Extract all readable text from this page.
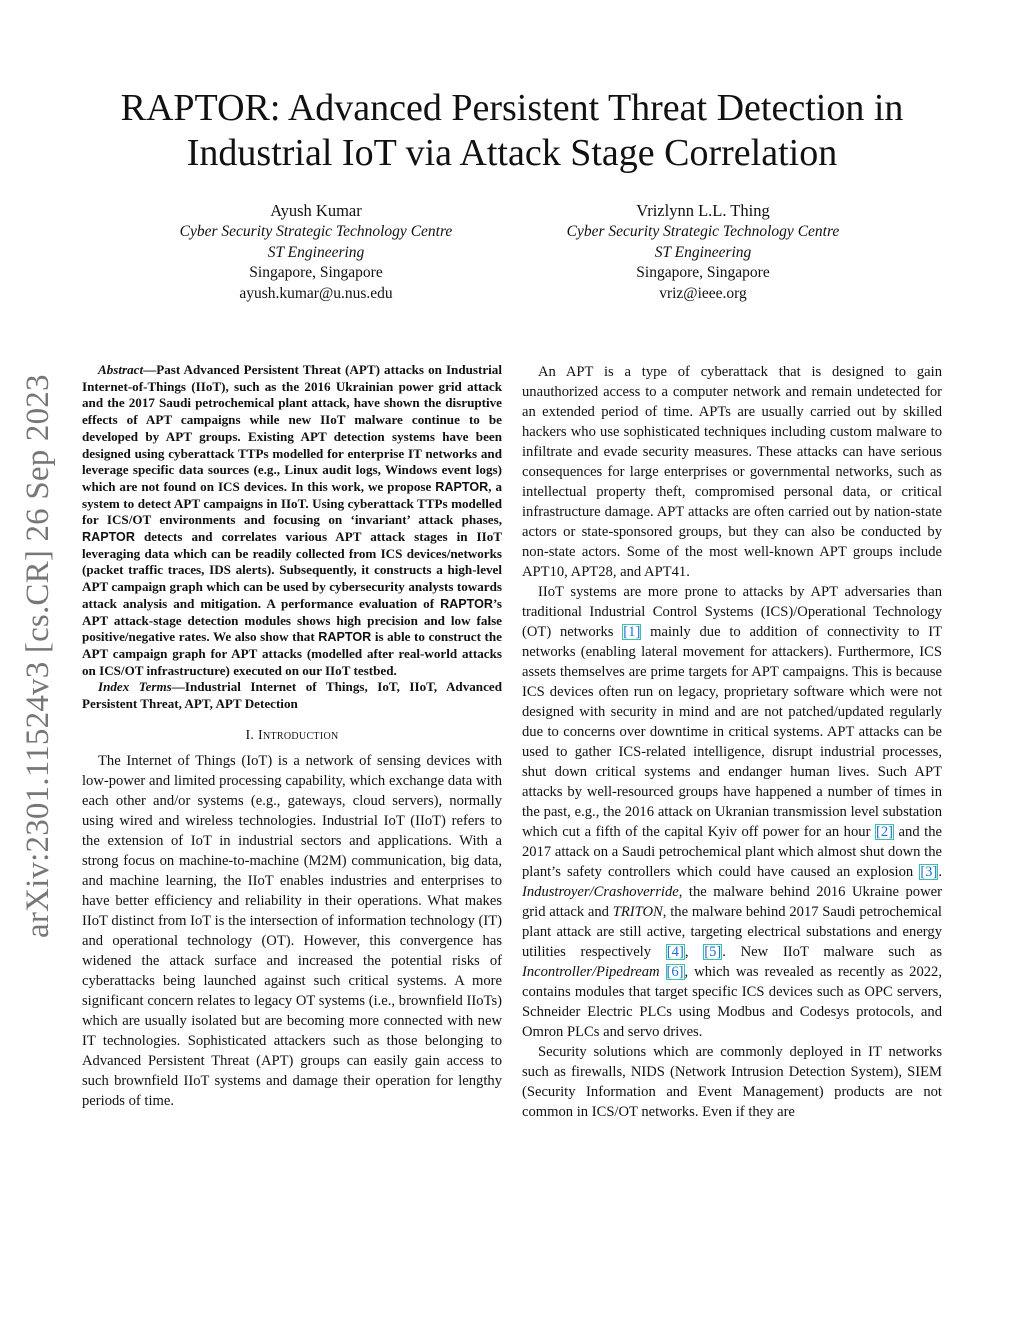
arXiv:2301.11524v3 [cs.CR] 26 Sep 2023
RAPTOR: Advanced Persistent Threat Detection in Industrial IoT via Attack Stage Correlation
Ayush Kumar
Cyber Security Strategic Technology Centre
ST Engineering
Singapore, Singapore
ayush.kumar@u.nus.edu
Vrizlynn L.L. Thing
Cyber Security Strategic Technology Centre
ST Engineering
Singapore, Singapore
vriz@ieee.org

Abstract—Past Advanced Persistent Threat (APT) attacks on Industrial Internet-of-Things (IIoT), such as the 2016 Ukrainian power grid attack and the 2017 Saudi petrochemical plant attack, have shown the disruptive effects of APT campaigns while new IIoT malware continue to be developed by APT groups. Existing APT detection systems have been designed using cyberattack TTPs modelled for enterprise IT networks and leverage specific data sources (e.g., Linux audit logs, Windows event logs) which are not found on ICS devices. In this work, we propose RAPTOR, a system to detect APT campaigns in IIoT. Using cyberattack TTPs modelled for ICS/OT environments and focusing on ‘invariant’ attack phases, RAPTOR detects and correlates various APT attack stages in IIoT leveraging data which can be readily collected from ICS devices/networks (packet traffic traces, IDS alerts). Subsequently, it constructs a high-level APT campaign graph which can be used by cybersecurity analysts towards attack analysis and mitigation. A performance evaluation of RAPTOR’s APT attack-stage detection modules shows high precision and low false positive/negative rates. We also show that RAPTOR is able to construct the APT campaign graph for APT attacks (modelled after real-world attacks on ICS/OT infrastructure) executed on our IIoT testbed.

Index Terms—Industrial Internet of Things, IoT, IIoT, Advanced Persistent Threat, APT, APT Detection

I. Introduction

The Internet of Things (IoT) is a network of sensing devices with low-power and limited processing capability, which exchange data with each other and/or systems (e.g., gateways, cloud servers), normally using wired and wireless technologies. Industrial IoT (IIoT) refers to the extension of IoT in industrial sectors and applications. With a strong focus on machine-to-machine (M2M) communication, big data, and machine learning, the IIoT enables industries and enterprises to have better efficiency and reliability in their operations. What makes IIoT distinct from IoT is the intersection of information technology (IT) and operational technology (OT). However, this convergence has widened the attack surface and increased the potential risks of cyberattacks being launched against such critical systems. A more significant concern relates to legacy OT systems (i.e., brownfield IIoTs) which are usually isolated but are becoming more connected with new IT technologies. Sophisticated attackers such as those belonging to Advanced Persistent Threat (APT) groups can easily gain access to such brownfield IIoT systems and damage their operation for lengthy periods of time.

An APT is a type of cyberattack that is designed to gain unauthorized access to a computer network and remain undetected for an extended period of time. APTs are usually carried out by skilled hackers who use sophisticated techniques including custom malware to infiltrate and evade security measures. These attacks can have serious consequences for large enterprises or governmental networks, such as intellectual property theft, compromised personal data, or critical infrastructure damage. APT attacks are often carried out by nation-state actors or state-sponsored groups, but they can also be conducted by non-state actors. Some of the most well-known APT groups include APT10, APT28, and APT41.

IIoT systems are more prone to attacks by APT adversaries than traditional Industrial Control Systems (ICS)/Operational Technology (OT) networks [1] mainly due to addition of connectivity to IT networks (enabling lateral movement for attackers). Furthermore, ICS assets themselves are prime targets for APT campaigns. This is because ICS devices often run on legacy, proprietary software which were not designed with security in mind and are not patched/updated regularly due to concerns over downtime in critical systems. APT attacks can be used to gather ICS-related intelligence, disrupt industrial processes, shut down critical systems and endanger human lives. Such APT attacks by well-resourced groups have happened a number of times in the past, e.g., the 2016 attack on Ukranian transmission level substation which cut a fifth of the capital Kyiv off power for an hour [2] and the 2017 attack on a Saudi petrochemical plant which almost shut down the plant’s safety controllers which could have caused an explosion [3]. Industroyer/Crashoverride, the malware behind 2016 Ukraine power grid attack and TRITON, the malware behind 2017 Saudi petrochemical plant attack are still active, targeting electrical substations and energy utilities respectively [4], [5]. New IIoT malware such as Incontroller/Pipedream [6], which was revealed as recently as 2022, contains modules that target specific ICS devices such as OPC servers, Schneider Electric PLCs using Modbus and Codesys protocols, and Omron PLCs and servo drives.

Security solutions which are commonly deployed in IT networks such as firewalls, NIDS (Network Intrusion Detection System), SIEM (Security Information and Event Management) products are not common in ICS/OT networks. Even if they are
